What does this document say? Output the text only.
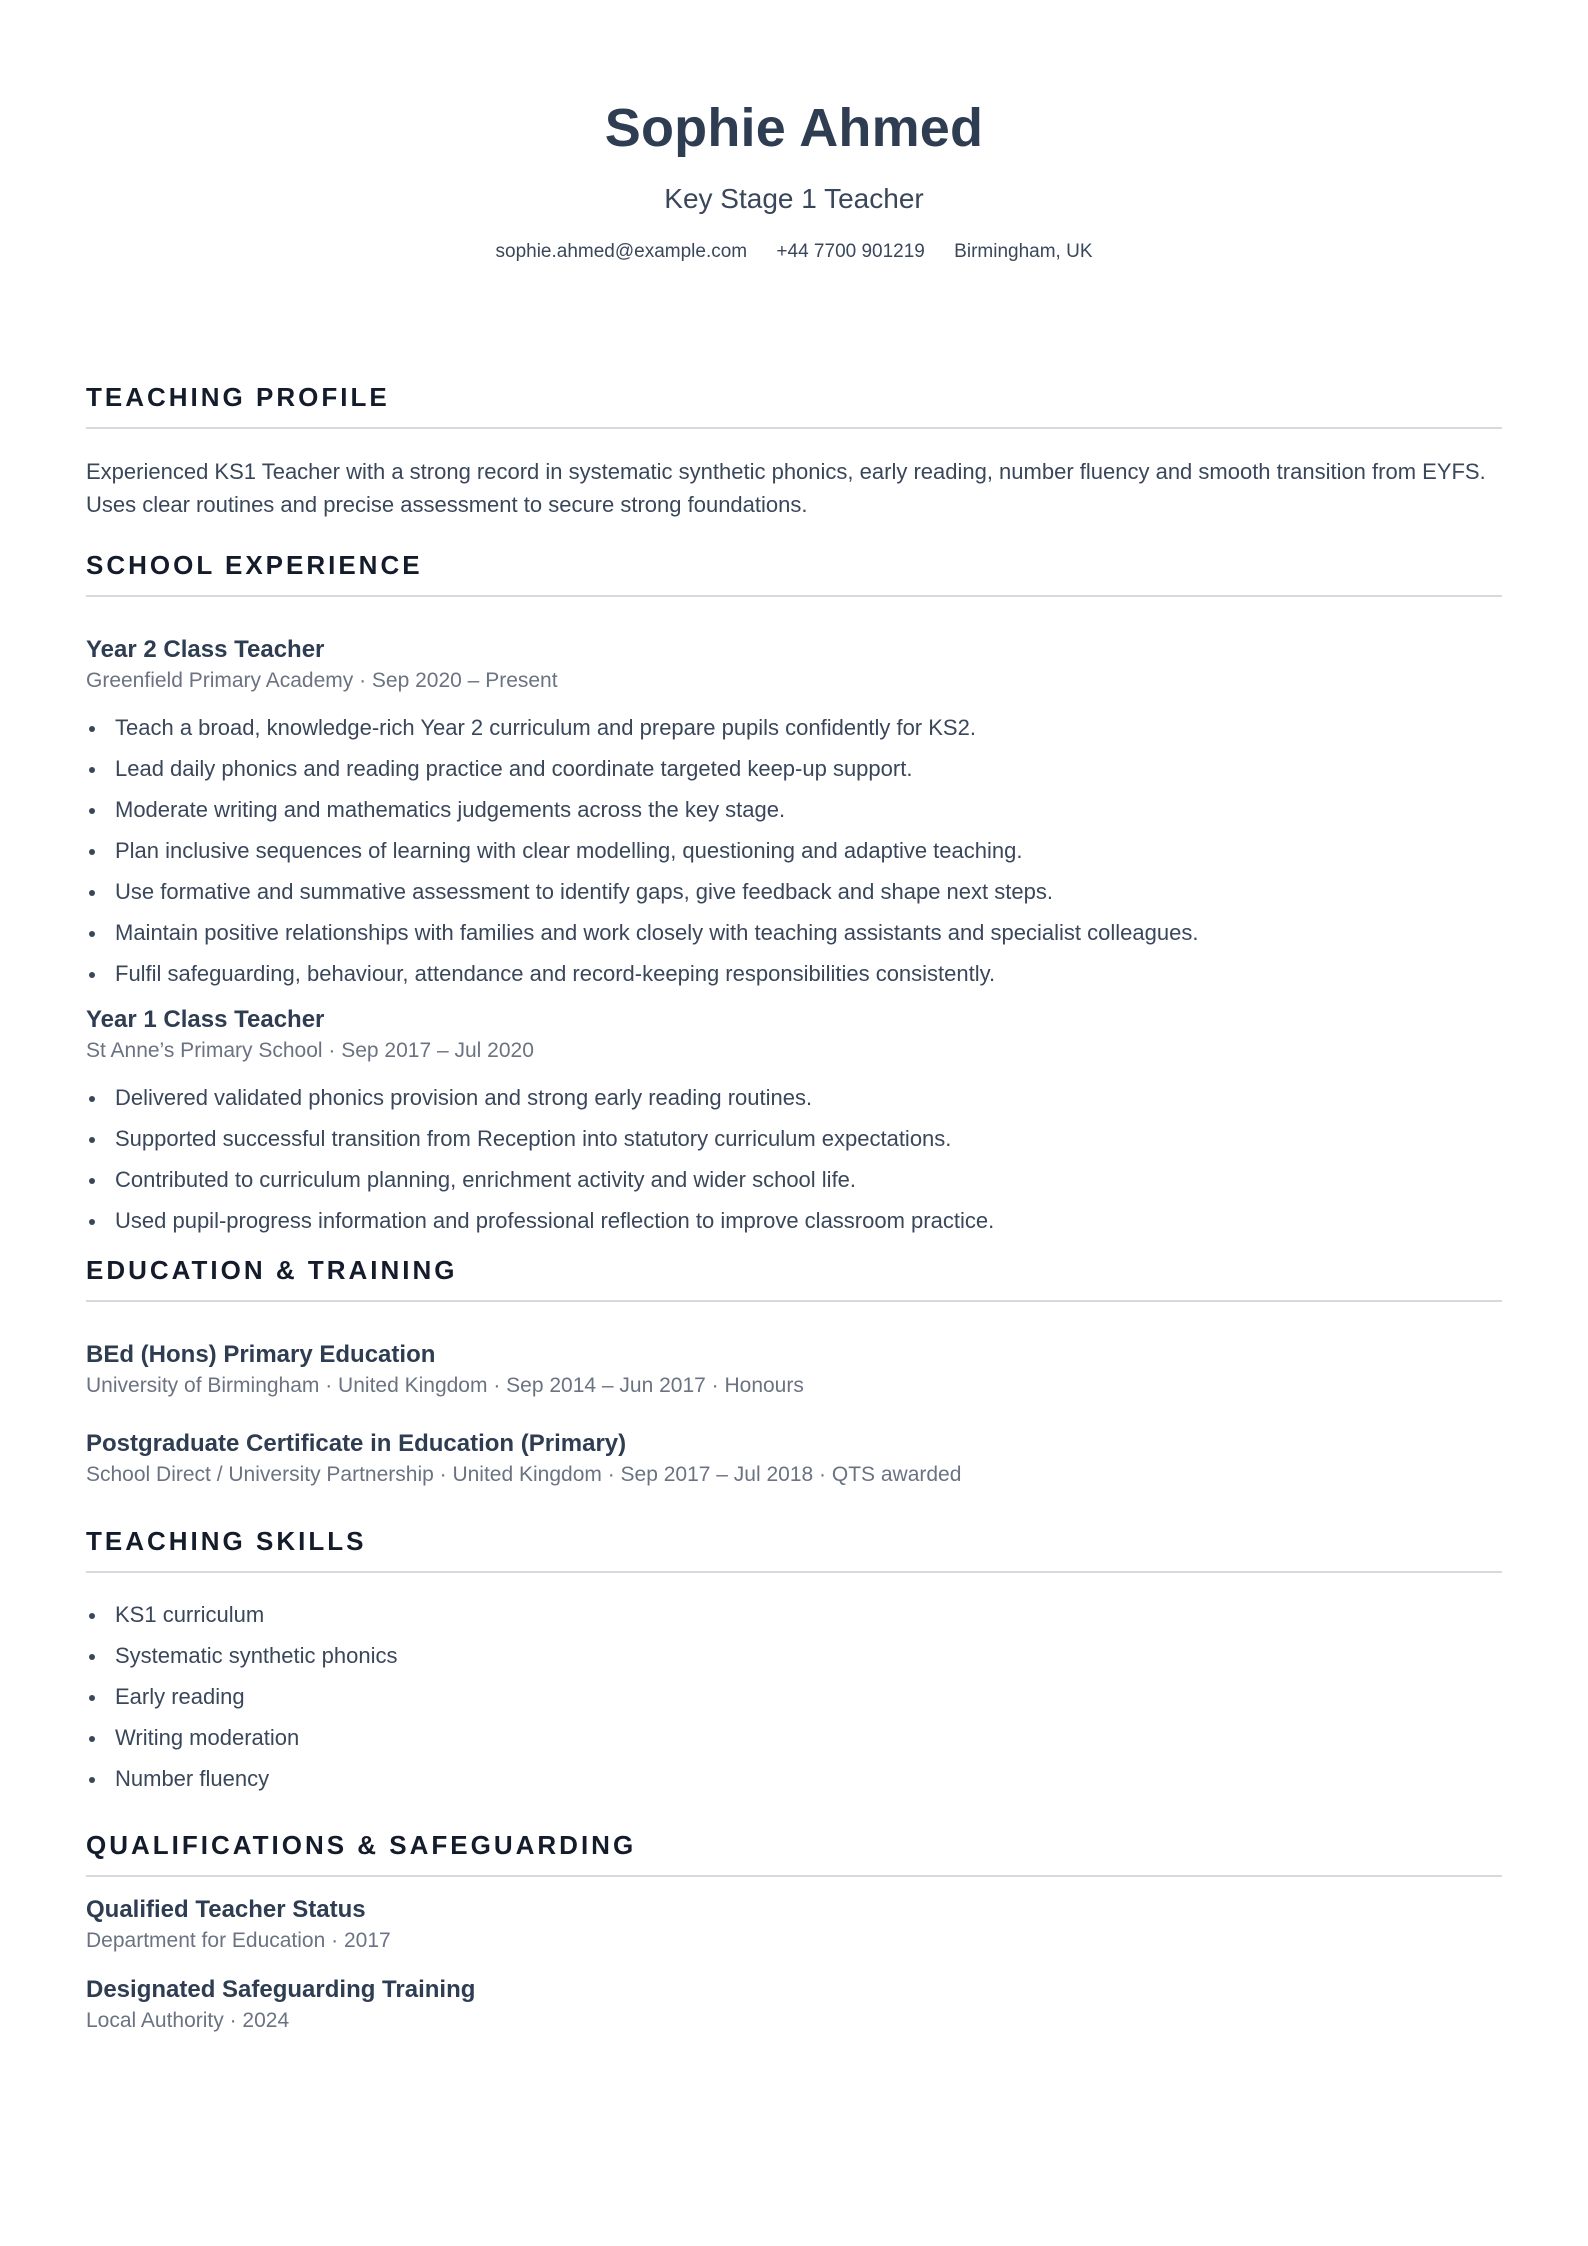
Sophie Ahmed
Key Stage 1 Teacher
sophie.ahmed@example.com +44 7700 901219 Birmingham, UK
TEACHING PROFILE

Experienced KS1 Teacher with a strong record in systematic synthetic phonics, early reading, number fluency and smooth transition from EYFS. Uses clear routines and precise assessment to secure strong foundations.

SCHOOL EXPERIENCE
Year 2 Class Teacher
Greenfield Primary Academy · Sep 2020 – Present
Teach a broad, knowledge-rich Year 2 curriculum and prepare pupils confidently for KS2.
Lead daily phonics and reading practice and coordinate targeted keep-up support.
Moderate writing and mathematics judgements across the key stage.
Plan inclusive sequences of learning with clear modelling, questioning and adaptive teaching.
Use formative and summative assessment to identify gaps, give feedback and shape next steps.
Maintain positive relationships with families and work closely with teaching assistants and specialist colleagues.
Fulfil safeguarding, behaviour, attendance and record-keeping responsibilities consistently.
Year 1 Class Teacher
St Anne’s Primary School · Sep 2017 – Jul 2020
Delivered validated phonics provision and strong early reading routines.
Supported successful transition from Reception into statutory curriculum expectations.
Contributed to curriculum planning, enrichment activity and wider school life.
Used pupil-progress information and professional reflection to improve classroom practice.
EDUCATION & TRAINING
BEd (Hons) Primary Education
University of Birmingham · United Kingdom · Sep 2014 – Jun 2017 · Honours
Postgraduate Certificate in Education (Primary)
School Direct / University Partnership · United Kingdom · Sep 2017 – Jul 2018 · QTS awarded
TEACHING SKILLS
KS1 curriculum
Systematic synthetic phonics
Early reading
Writing moderation
Number fluency
QUALIFICATIONS & SAFEGUARDING
Qualified Teacher Status
Department for Education · 2017
Designated Safeguarding Training
Local Authority · 2024
